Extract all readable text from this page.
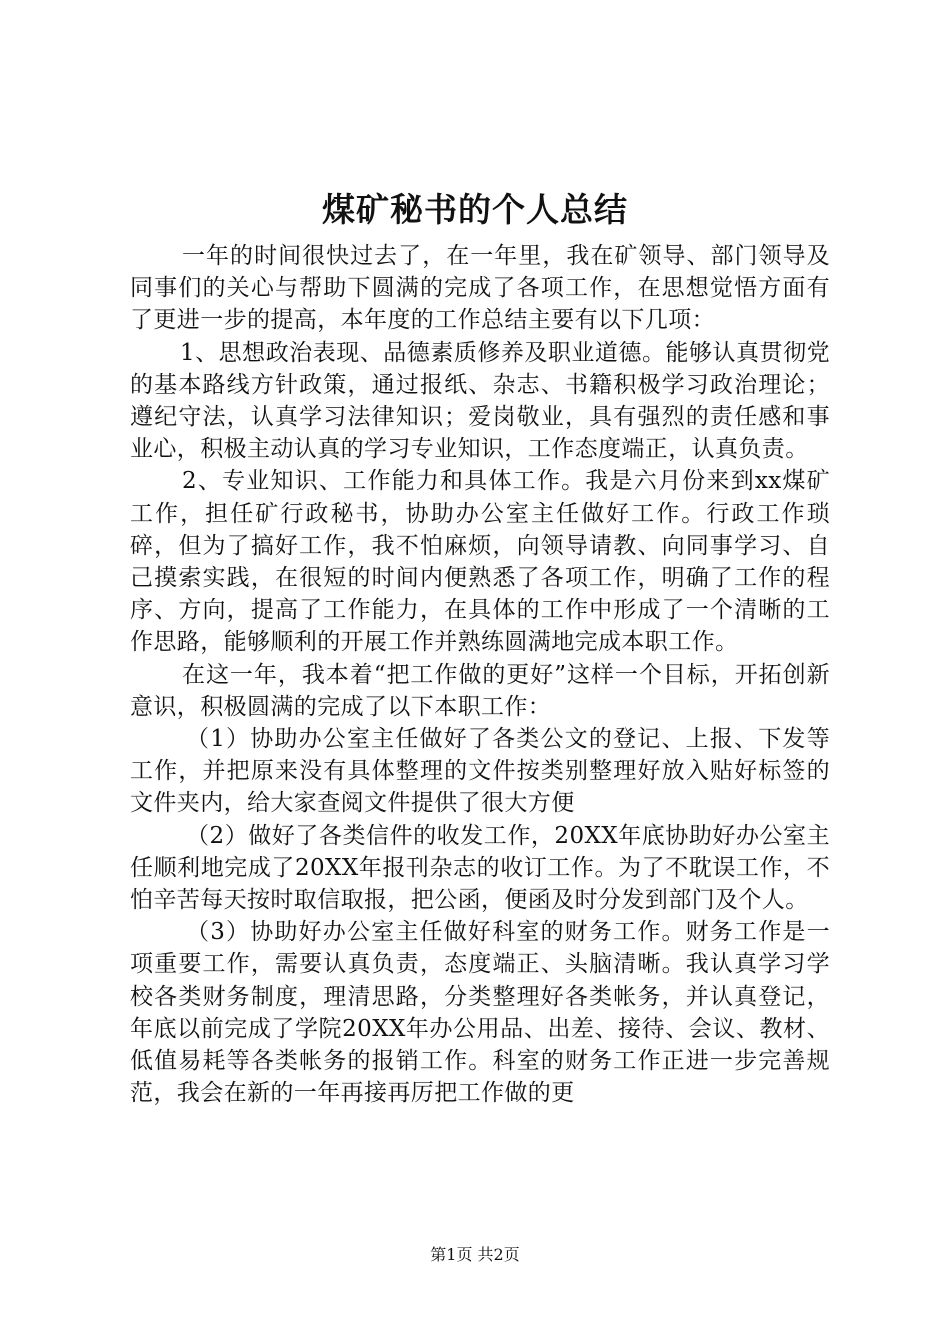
煤矿秘书的个人总结

一年的时间很快过去了，在一年里，我在矿领导、部门领导及同事们的关心与帮助下圆满的完成了各项工作，在思想觉悟方面有了更进一步的提高，本年度的工作总结主要有以下几项：

1、思想政治表现、品德素质修养及职业道德。能够认真贯彻党的基本路线方针政策，通过报纸、杂志、书籍积极学习政治理论；遵纪守法，认真学习法律知识；爱岗敬业，具有强烈的责任感和事业心，积极主动认真的学习专业知识，工作态度端正，认真负责。

2、专业知识、工作能力和具体工作。我是六月份来到xx煤矿工作，担任矿行政秘书，协助办公室主任做好工作。行政工作琐碎，但为了搞好工作，我不怕麻烦，向领导请教、向同事学习、自己摸索实践，在很短的时间内便熟悉了各项工作，明确了工作的程序、方向，提高了工作能力，在具体的工作中形成了一个清晰的工作思路，能够顺利的开展工作并熟练圆满地完成本职工作。

在这一年，我本着“把工作做的更好”这样一个目标，开拓创新意识，积极圆满的完成了以下本职工作：

（1）协助办公室主任做好了各类公文的登记、上报、下发等工作，并把原来没有具体整理的文件按类别整理好放入贴好标签的文件夹内，给大家查阅文件提供了很大方便

（2）做好了各类信件的收发工作，20XX年底协助好办公室主任顺利地完成了20XX年报刊杂志的收订工作。为了不耽误工作，不怕辛苦每天按时取信取报，把公函，便函及时分发到部门及个人。

（3）协助好办公室主任做好科室的财务工作。财务工作是一项重要工作，需要认真负责，态度端正、头脑清晰。我认真学习学校各类财务制度，理清思路，分类整理好各类帐务，并认真登记，年底以前完成了学院20XX年办公用品、出差、接待、会议、教材、低值易耗等各类帐务的报销工作。科室的财务工作正进一步完善规范，我会在新的一年再接再厉把工作做的更

第1页 共2页
